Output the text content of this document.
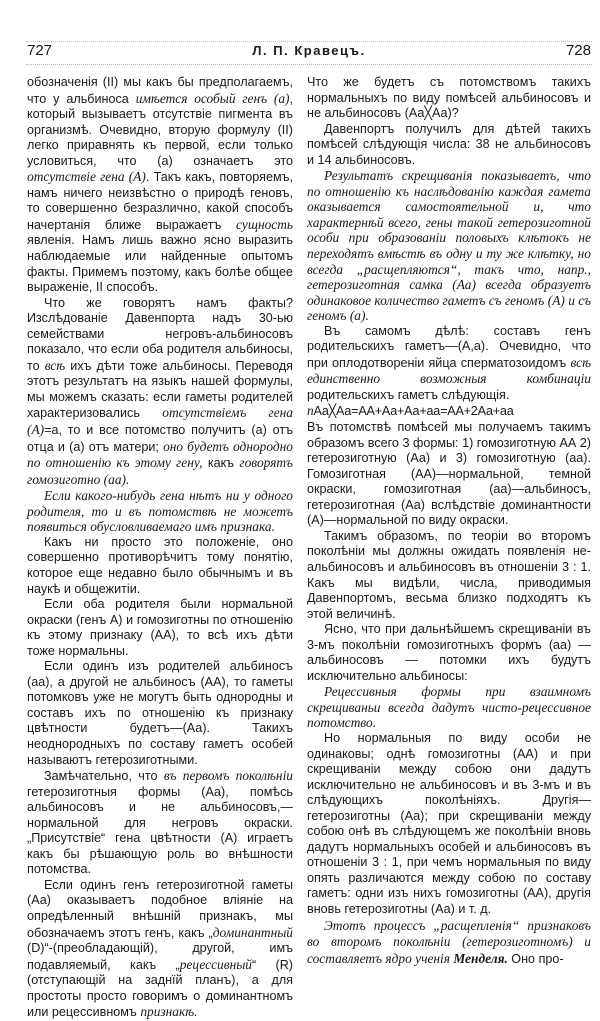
727	Л. П. Кравецъ.	728

обозначенія (II) мы какъ бы предполагаемъ, что у альбиноса имѣется особый генъ (а), который вызываетъ отсутствіе пигмента въ организмѣ. Очевидно, вторую формулу (II) легко приравнять къ первой, если только условиться, что (а) означаетъ это отсутствіе гена (А). Такъ какъ, повторяемъ, намъ ничего неизвѣстно о природѣ геновъ, то совершенно безразлично, какой способъ начертанія ближе выражаетъ сущность явленія. Намъ лишь важно ясно выразить наблюдаемые или найденные опытомъ факты. Примемъ поэтому, какъ болѣе общее выраженіе, II способъ.

Что же говорятъ намъ факты? Изслѣдованіе Давенпорта надъ 30-ью семействами негровъ-альбиносовъ показало, что если оба родителя альбиносы, то всѣ ихъ дѣти тоже альбиносы. Переводя этотъ результатъ на языкъ нашей формулы, мы можемъ сказать: если гаметы родителей характеризовались отсутствіемъ гена (А)=а, то и все потомство получитъ (а) отъ отца и (а) отъ матери; оно будетъ однородно по отношенію къ этому гену, какъ говорятъ гомозиготно (аа).

Если какого-нибудь гена нѣтъ ни у одного родителя, то и въ потомствѣ не можетъ появиться обусловливаемаго имъ признака.

Какъ ни просто это положеніе, оно совершенно противорѣчитъ тому понятію, которое еще недавно было обычнымъ и въ наукѣ и общежитіи.

Если оба родителя были нормальной окраски (генъ А) и гомозиготны по отношенію къ этому признаку (АА), то всѣ ихъ дѣти тоже нормальны.

Если одинъ изъ родителей альбиносъ (аа), а другой не альбиносъ (АА), то гаметы потомковъ уже не могутъ быть однородны и составъ ихъ по отношенію къ признаку цвѣтности будетъ—(Аа). Такихъ неоднородныхъ по составу гаметъ особей называютъ гетерозиготными.

Замѣчательно, что въ первомъ поколѣніи гетерозиготныя формы (Аа), помѣсь альбиносовъ и не альбиносовъ,—нормальной для негровъ окраски. „Присутствіе“ гена цвѣтности (А) играетъ какъ бы рѣшающую роль во внѣшности потомства.

Если одинъ генъ гетерозиготной гаметы (Аа) оказываетъ подобное вліяніе на опредѣленный внѣшній признакъ, мы обозначаемъ этотъ генъ, какъ „доминантный (D)“-(преобладающій), другой, имъ подавляемый, какъ „рецессивный“ (R) (отступающій на заднїй планъ), а для простоты просто говоримъ о доминантномъ или рецессивномъ признакѣ.

Что же будетъ съ потомствомъ такихъ нормальныхъ по виду помѣсей альбиносовъ и не альбиносовъ (Аа╳Аа)?

Давенпортъ получилъ для дѣтей такихъ помѣсей слѣдующія числа: 38 не альбиносовъ и 14 альбиносовъ.

Результатъ скрещиванія показываетъ, что по отношенію къ наслѣдованію каждая гамета оказывается самостоятельной и, что характернѣй всего, гены такой гетерозиготной особи при образованіи половыхъ клѣтокъ не переходятъ вмѣстѣ въ одну и ту же клѣтку, но всегда „расщепляются“, такъ что, напр., гетерозиготная самка (Аа) всегда образуетъ одинаковое количество гаметъ съ геномъ (А) и съ геномъ (а).

Въ самомъ дѣлѣ: составъ генъ родительскихъ гаметъ—(А,а). Очевидно, что при оплодотвореніи яйца сперматозоидомъ всѣ единственно возможныя комбинаціи родительскихъ гаметъ слѣдующія.

пАа╳Аа=АА+Аа+Аа+аа=АА+2Аа+аа

Въ потомствѣ помѣсей мы получаемъ такимъ образомъ всего 3 формы: 1) гомозиготную АА 2) гетерозиготную (Аа) и 3) гомозиготную (аа). Гомозиготная (АА)—нормальной, темной окраски, гомозиготная (аа)—альбиносъ, гетерозиготная (Аа) вслѣдствіе доминантности (А)—нормальной по виду окраски.

Такимъ образомъ, по теоріи во второмъ поколѣніи мы должны ожидать появленія не-альбиносовъ и альбиносовъ въ отношеніи 3 : 1. Какъ мы видѣли, числа, приводимыя Давенпортомъ, весьма близко подходятъ къ этой величинѣ.

Ясно, что при дальнѣйшемъ скрещиваніи въ 3-мъ поколѣніи гомозиготныхъ формъ (аа) — альбиносовъ — потомки ихъ будутъ исключительно альбиносы:

Рецессивныя формы при взаимномъ скрещиваньи всегда дадутъ чисто-рецессивное потомство.

Но нормальныя по виду особи не одинаковы; однѣ гомозиготны (АА) и при скрещиваніи между собою они дадутъ исключительно не альбиносовъ и въ 3-мъ и въ слѣдующихъ поколѣніяхъ. Другія—гетерозиготны (Аа); при скрещиваніи между собою онѣ въ слѣдующемъ же поколѣніи вновь дадутъ нормальныхъ особей и альбиносовъ въ отношеніи 3 : 1, при чемъ нормальныя по виду опять различаются между собою по составу гаметъ: одни изъ нихъ гомозиготны (АА), другія вновь гетерозиготны (Аа) и т. д.

Этотъ процессъ „расщепленія“ признаковъ во второмъ поколѣніи (гетерозиготномъ) и составляетъ ядро ученія Менделя. Оно про-
